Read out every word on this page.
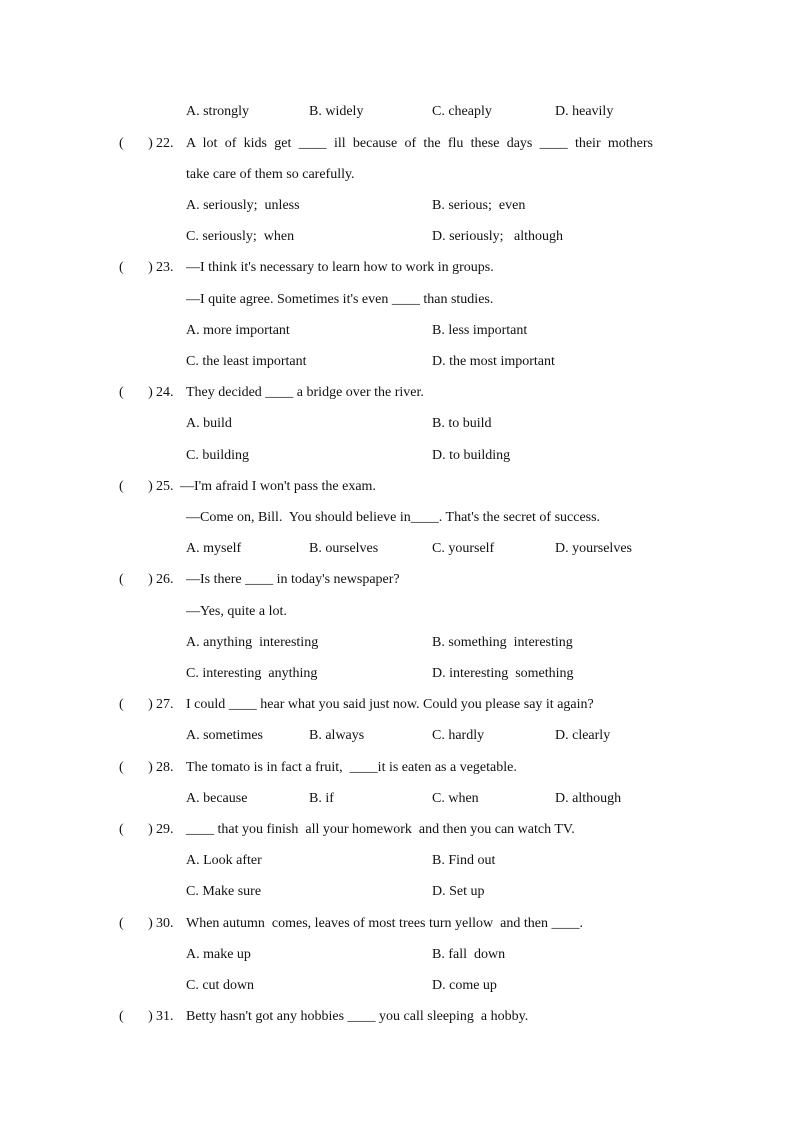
A. strongly	B. widely	C. cheaply	D. heavily
(       ) 22. A lot of kids get ____ ill because of the flu these days ____ their mothers
take care of them so carefully.
A. seriously;  unless	B. serious;  even
C. seriously;  when	D. seriously;   although
(       ) 23. —I think it's necessary to learn how to work in groups.
—I quite agree. Sometimes it's even ____ than studies.
A. more important	B. less important
C. the least important	D. the most important
(       ) 24. They decided ____ a bridge over the river.
A. build	B. to build
C. building	D. to building
(       ) 25. —I'm afraid I won't pass the exam.
—Come on, Bill.  You should believe in____. That's the secret of success.
A. myself	B. ourselves	C. yourself	D. yourselves
(       ) 26. —Is there ____ in today's newspaper?
—Yes, quite a lot.
A. anything  interesting	B. something  interesting
C. interesting  anything	D. interesting  something
(       ) 27. I could ____ hear what you said just now. Could you please say it again?
A. sometimes	B. always	C. hardly	D. clearly
(       ) 28. The tomato is in fact a fruit,  ____it is eaten as a vegetable.
A. because	B. if	C. when	D. although
(       ) 29. ____ that you finish  all your homework  and then you can watch TV.
A. Look after	B. Find out
C. Make sure	D. Set up
(       ) 30. When autumn  comes, leaves of most trees turn yellow  and then ____.
A. make up	B. fall  down
C. cut down	D. come up
(       ) 31. Betty hasn't got any hobbies ____ you call sleeping  a hobby.
